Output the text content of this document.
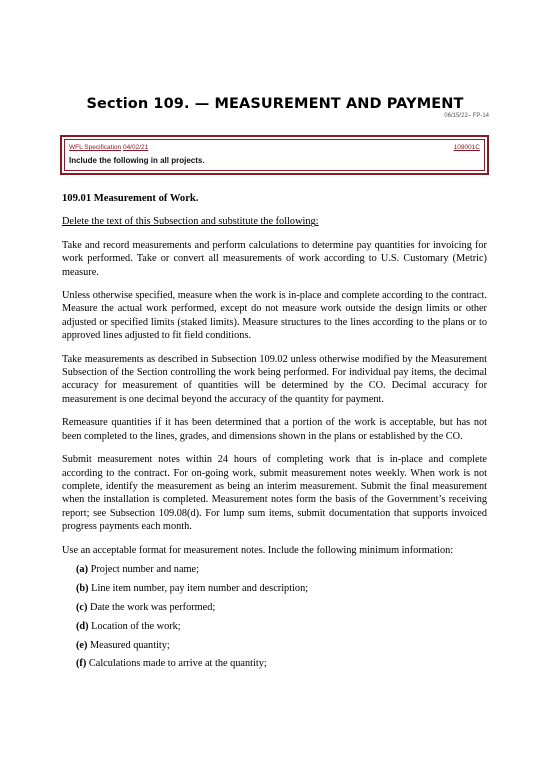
Section 109. — MEASUREMENT AND PAYMENT
06/15/22– FP-14
WFL Specification 04/02/21	109001C
Include the following in all projects.
109.01 Measurement of Work.

Delete the text of this Subsection and substitute the following:

Take and record measurements and perform calculations to determine pay quantities for invoicing for work performed. Take or convert all measurements of work according to U.S. Customary (Metric) measure.

Unless otherwise specified, measure when the work is in-place and complete according to the contract. Measure the actual work performed, except do not measure work outside the design limits or other adjusted or specified limits (staked limits). Measure structures to the lines according to the plans or to approved lines adjusted to fit field conditions.

Take measurements as described in Subsection 109.02 unless otherwise modified by the Measurement Subsection of the Section controlling the work being performed. For individual pay items, the decimal accuracy for measurement of quantities will be determined by the CO. Decimal accuracy for measurement is one decimal beyond the accuracy of the quantity for payment.

Remeasure quantities if it has been determined that a portion of the work is acceptable, but has not been completed to the lines, grades, and dimensions shown in the plans or established by the CO.

Submit measurement notes within 24 hours of completing work that is in-place and complete according to the contract. For on-going work, submit measurement notes weekly. When work is not complete, identify the measurement as being an interim measurement. Submit the final measurement when the installation is completed. Measurement notes form the basis of the Government’s receiving report; see Subsection 109.08(d). For lump sum items, submit documentation that supports invoiced progress payments each month.

Use an acceptable format for measurement notes. Include the following minimum information:

(a) Project number and name;
(b) Line item number, pay item number and description;
(c) Date the work was performed;
(d) Location of the work;
(e) Measured quantity;
(f) Calculations made to arrive at the quantity;
